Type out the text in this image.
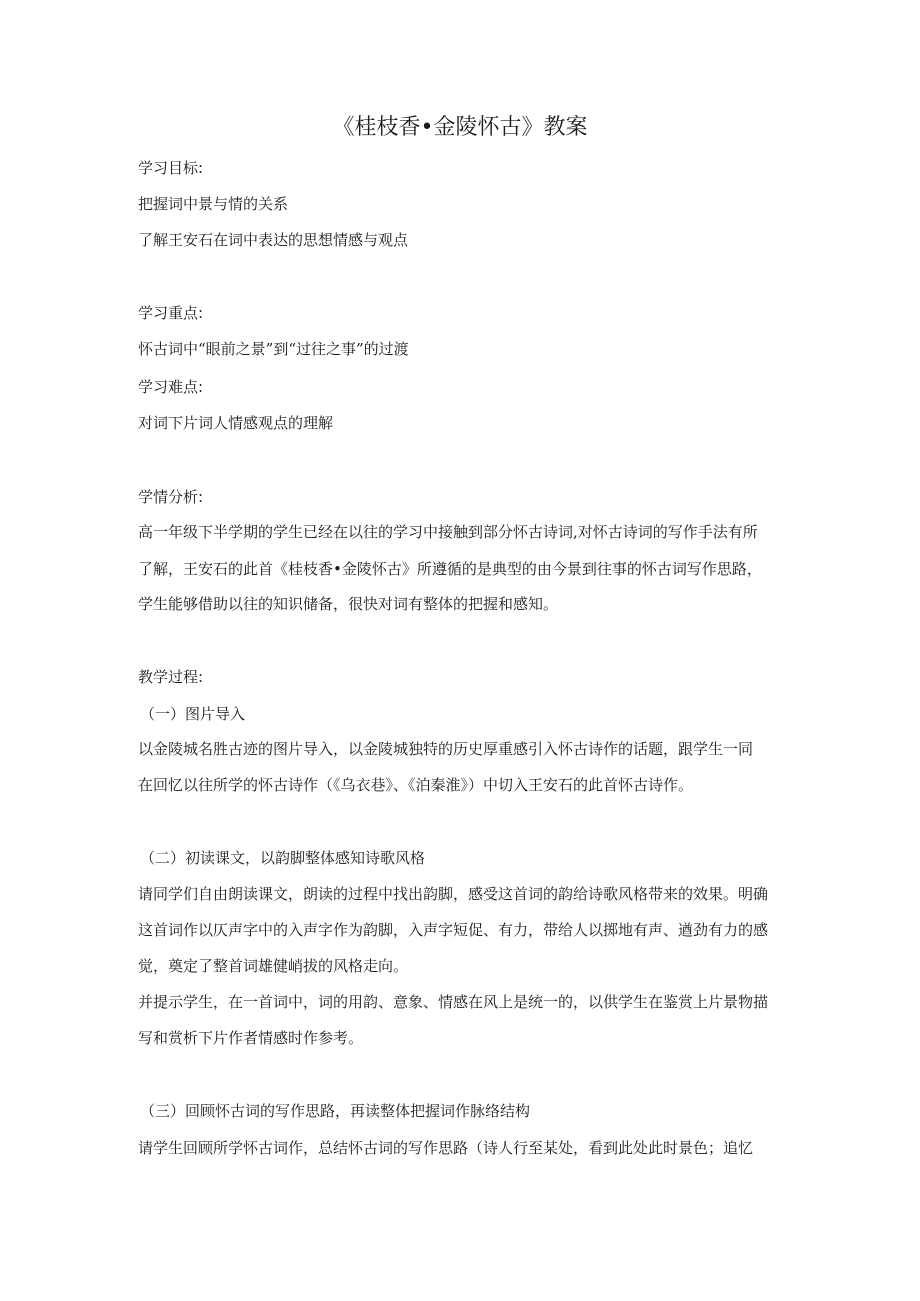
《桂枝香•金陵怀古》教案
学习目标:
把握词中景与情的关系
了解王安石在词中表达的思想情感与观点
学习重点:
怀古词中“眼前之景”到“过往之事”的过渡
学习难点:
对词下片词人情感观点的理解
学情分析:
高一年级下半学期的学生已经在以往的学习中接触到部分怀古诗词,对怀古诗词的写作手法有所
了解，王安石的此首《桂枝香•金陵怀古》所遵循的是典型的由今景到往事的怀古词写作思路，
学生能够借助以往的知识储备，很快对词有整体的把握和感知。
教学过程:
（一）图片导入
以金陵城名胜古迹的图片导入，以金陵城独特的历史厚重感引入怀古诗作的话题，跟学生一同
在回忆以往所学的怀古诗作（《乌衣巷》、《泊秦淮》）中切入王安石的此首怀古诗作。
（二）初读课文，以韵脚整体感知诗歌风格
请同学们自由朗读课文，朗读的过程中找出韵脚，感受这首词的韵给诗歌风格带来的效果。明确
这首词作以仄声字中的入声字作为韵脚，入声字短促、有力，带给人以掷地有声、遒劲有力的感
觉，奠定了整首词雄健峭拔的风格走向。
并提示学生，在一首词中，词的用韵、意象、情感在风上是统一的，以供学生在鉴赏上片景物描
写和赏析下片作者情感时作参考。
（三）回顾怀古词的写作思路，再读整体把握词作脉络结构
请学生回顾所学怀古词作，总结怀古词的写作思路（诗人行至某处，看到此处此时景色；追忆
